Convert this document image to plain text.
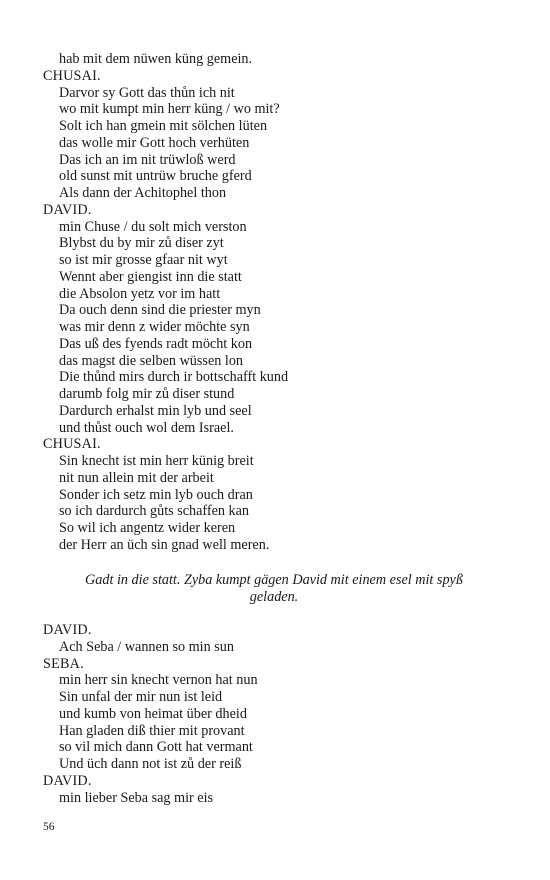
hab mit dem nüwen küng gemein.
CHUSAI.
Darvor sy Gott das thůn ich nit
wo mit kumpt min herr küng / wo mit?
Solt ich han gmein mit sölchen lüten
das wolle mir Gott hoch verhüten
Das ich an im nit trüwloß werd
old sunst mit untrüw bruche gferd
Als dann der Achitophel thon
DAVID.
min Chuse / du solt mich verston
Blybst du by mir zů diser zyt
so ist mir grosse gfaar nit wyt
Wennt aber giengist inn die statt
die Absolon yetz vor im hatt
Da ouch denn sind die priester myn
was mir denn z wider möchte syn
Das uß des fyends radt möcht kon
das magst die selben wüssen lon
Die thůnd mirs durch ir bottschafft kund
darumb folg mir zů diser stund
Dardurch erhalst min lyb und seel
und thůst ouch wol dem Israel.
CHUSAI.
Sin knecht ist min herr künig breit
nit nun allein mit der arbeit
Sonder ich setz min lyb ouch dran
so ich dardurch gůts schaffen kan
So wil ich angentz wider keren
der Herr an üch sin gnad well meren.
Gadt in die statt. Zyba kumpt gägen David mit einem esel mit spyß
geladen.
DAVID.
Ach Seba / wannen so min sun
SEBA.
min herr sin knecht vernon hat nun
Sin unfal der mir nun ist leid
und kumb von heimat über dheid
Han gladen diß thier mit provant
so vil mich dann Gott hat vermant
Und üch dann not ist zů der reiß
DAVID.
min lieber Seba sag mir eis
56
